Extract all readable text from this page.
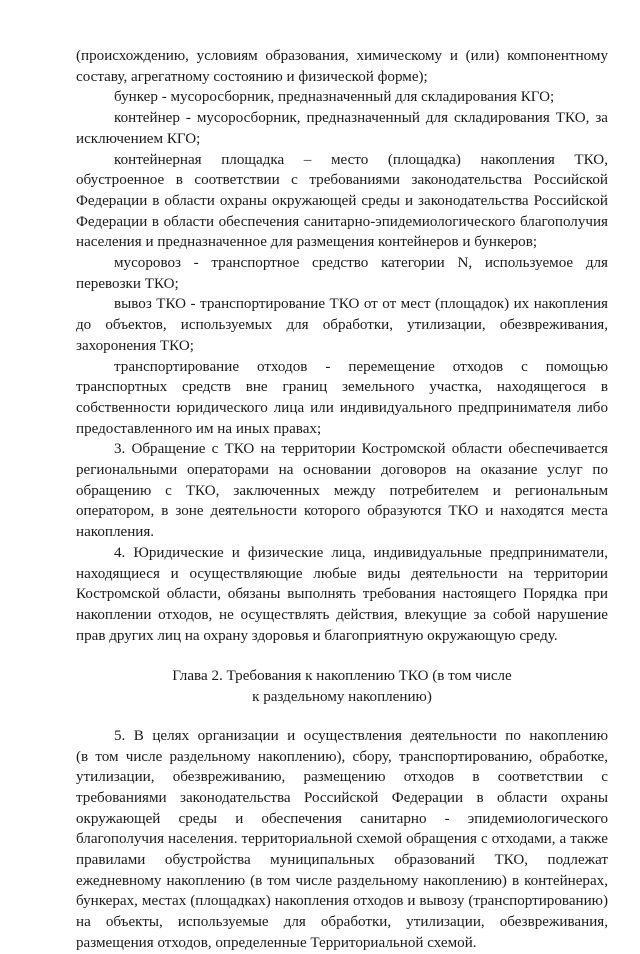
(происхождению, условиям образования, химическому и (или) компонентному
составу, агрегатному состоянию и физической форме);
бункер - мусоросборник, предназначенный для складирования КГО;
контейнер - мусоросборник, предназначенный для складирования ТКО, за
исключением КГО;
контейнерная площадка – место (площадка) накопления ТКО,
обустроенное в соответствии с требованиями законодательства Российской
Федерации в области охраны окружающей среды и законодательства Российской
Федерации в области обеспечения санитарно-эпидемиологического благополучия
населения и предназначенное для размещения контейнеров и бункеров;
мусоровоз - транспортное средство категории N, используемое для
перевозки ТКО;
вывоз ТКО - транспортирование ТКО от от мест (площадок) их накопления
до объектов, используемых для обработки, утилизации, обезвреживания,
захоронения ТКО;
транспортирование отходов - перемещение отходов с помощью
транспортных средств вне границ земельного участка, находящегося в
собственности юридического лица или индивидуального предпринимателя либо
предоставленного им на иных правах;
3. Обращение с ТКО на территории Костромской области обеспечивается
региональными операторами на основании договоров на оказание услуг по
обращению с ТКО, заключенных между потребителем и региональным
оператором, в зоне деятельности которого образуются ТКО и находятся места
накопления.
4. Юридические и физические лица, индивидуальные предприниматели,
находящиеся и осуществляющие любые виды деятельности на территории
Костромской области, обязаны выполнять требования настоящего Порядка при
накоплении отходов, не осуществлять действия, влекущие за собой нарушение
прав других лиц на охрану здоровья и благоприятную окружающую среду.
Глава 2. Требования к накоплению ТКО (в том числе
к раздельному накоплению)
5. В целях организации и осуществления деятельности по накоплению
(в том числе раздельному накоплению), сбору, транспортированию, обработке,
утилизации, обезвреживанию, размещению отходов в соответствии с
требованиями законодательства Российской Федерации в области охраны
окружающей среды и обеспечения санитарно - эпидемиологического
благополучия населения. территориальной схемой обращения с отходами, а также
правилами обустройства муниципальных образований ТКО, подлежат
ежедневному накоплению (в том числе раздельному накоплению) в контейнерах,
бункерах, местах (площадках) накопления отходов и вывозу (транспортированию)
на объекты, используемые для обработки, утилизации, обезвреживания,
размещения отходов, определенные Территориальной схемой.
